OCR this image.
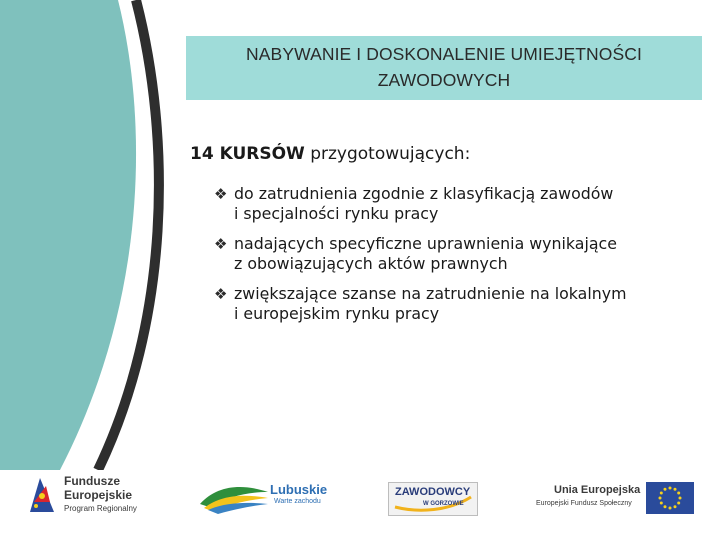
NABYWANIE I DOSKONALENIE UMIEJĘTNOŚCI
ZAWODOWYCH
14 KURSÓW przygotowujących:
❖ do zatrudnienia zgodnie z klasyfikacją zawodów
i specjalności rynku pracy
❖ nadających specyficzne uprawnienia wynikające
z obowiązujących aktów prawnych
❖ zwiększające szanse na zatrudnienie na lokalnym
i europejskim rynku pracy
Fundusze
Europejskie
Program Regionalny
Lubuskie
Warte zachodu
ZAWODOWCY
W GORZOWIE
Unia Europejska
Europejski Fundusz Społeczny
